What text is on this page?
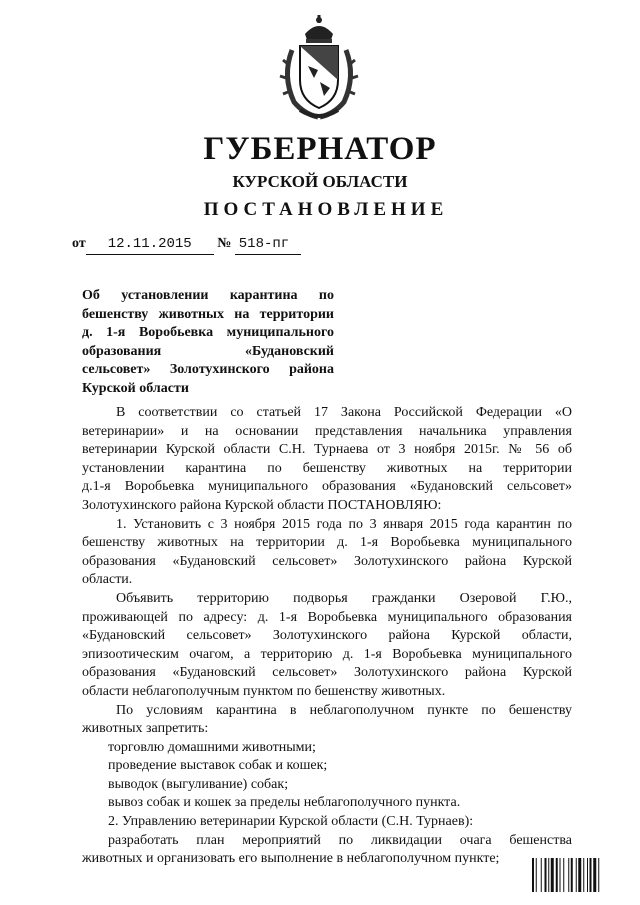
ГУБЕРНАТОР
КУРСКОЙ ОБЛАСТИ
ПОСТАНОВЛЕНИЕ
от 12.11.2015 № 518-пг
Об установлении карантина по
бешенству животных на территории
д. 1-я Воробьевка муниципального
образования «Будановский
сельсовет» Золотухинского района
Курской области
В соответствии со статьей 17 Закона Российской Федерации «О
ветеринарии» и на основании представления начальника управления
ветеринарии Курской области С.Н. Турнаева от 3 ноября 2015г. № 56 об
установлении карантина по бешенству животных на территории
д.1-я Воробьевка муниципального образования «Будановский сельсовет»
Золотухинского района Курской области ПОСТАНОВЛЯЮ:
1. Установить с 3 ноября 2015 года по 3 января 2015 года карантин по
бешенству животных на территории д. 1-я Воробьевка муниципального
образования «Будановский сельсовет» Золотухинского района Курской
области.
Объявить территорию подворья гражданки Озеровой Г.Ю.,
проживающей по адресу: д. 1-я Воробьевка муниципального образования
«Будановский сельсовет» Золотухинского района Курской области,
эпизоотическим очагом, а территорию д. 1-я Воробьевка муниципального
образования «Будановский сельсовет» Золотухинского района Курской
области неблагополучным пунктом по бешенству животных.
По условиям карантина в неблагополучном пункте по бешенству
животных запретить:
торговлю домашними животными;
проведение выставок собак и кошек;
выводок (выгуливание) собак;
вывоз собак и кошек за пределы неблагополучного пункта.
2. Управлению ветеринарии Курской области (С.Н. Турнаев):
разработать план мероприятий по ликвидации очага бешенства
животных и организовать его выполнение в неблагополучном пункте;
